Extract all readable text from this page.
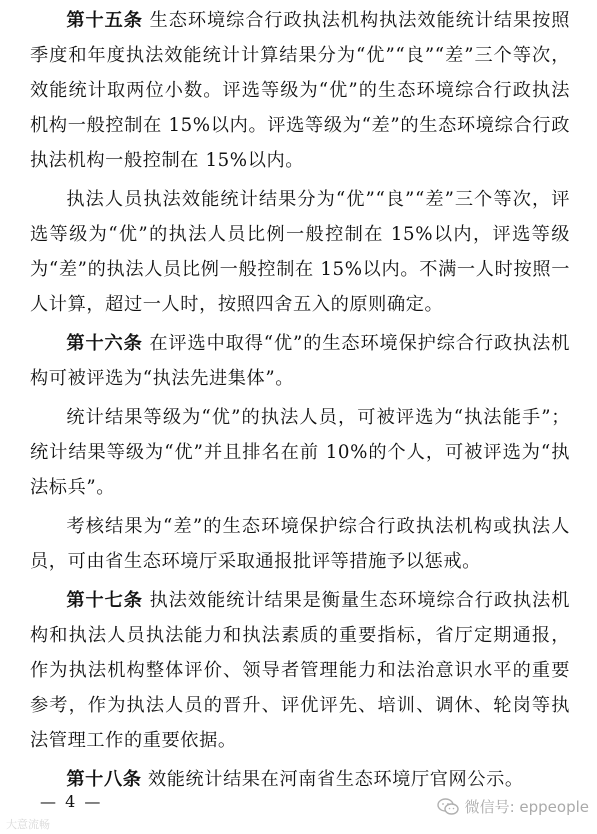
第十五条 生态环境综合行政执法机构执法效能统计结果按照季度和年度执法效能统计计算结果分为“优”“良”“差”三个等次，效能统计取两位小数。评选等级为“优”的生态环境综合行政执法机构一般控制在 15%以内。评选等级为“差”的生态环境综合行政执法机构一般控制在 15%以内。

执法人员执法效能统计结果分为“优”“良”“差”三个等次，评选等级为“优”的执法人员比例一般控制在 15%以内，评选等级为“差”的执法人员比例一般控制在 15%以内。不满一人时按照一人计算，超过一人时，按照四舍五入的原则确定。

第十六条 在评选中取得“优”的生态环境保护综合行政执法机构可被评选为“执法先进集体”。

统计结果等级为“优”的执法人员，可被评选为“执法能手”；统计结果等级为“优”并且排名在前 10%的个人，可被评选为“执法标兵”。

考核结果为“差”的生态环境保护综合行政执法机构或执法人员，可由省生态环境厅采取通报批评等措施予以惩戒。

第十七条 执法效能统计结果是衡量生态环境综合行政执法机构和执法人员执法能力和执法素质的重要指标，省厅定期通报，作为执法机构整体评价、领导者管理能力和法治意识水平的重要参考，作为执法人员的晋升、评优评先、培训、调休、轮岗等执法管理工作的重要依据。

第十八条 效能统计结果在河南省生态环境厅官网公示。

— 4 —
大意流畅
微信号: eppeople
